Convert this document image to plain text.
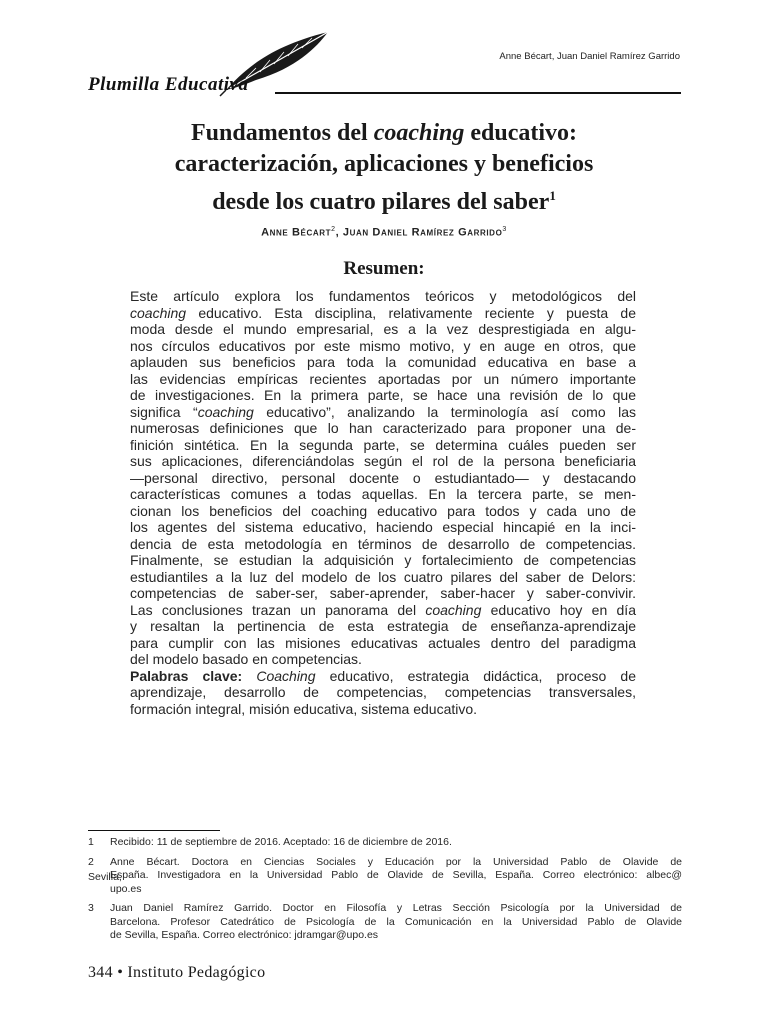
Anne Bécart, Juan Daniel Ramírez Garrido
Plumilla Educativa

Fundamentos del coaching educativo:

caracterización, aplicaciones y beneficios

desde los cuatro pilares del saber$^1$

Anne Bécart$^2$, Juan Daniel Ramírez Garrido$^3$
Resumen:
Este artículo explora los fundamentos teóricos y metodológicos del
coaching educativo. Esta disciplina, relativamente reciente y puesta de
moda desde el mundo empresarial, es a la vez desprestigiada en algu-
nos círculos educativos por este mismo motivo, y en auge en otros, que
aplauden sus beneficios para toda la comunidad educativa en base a
las evidencias empíricas recientes aportadas por un número importante
de investigaciones. En la primera parte, se hace una revisión de lo que
significa “coaching educativo”, analizando la terminología así como las
numerosas definiciones que lo han caracterizado para proponer una de-
finición sintética. En la segunda parte, se determina cuáles pueden ser
sus aplicaciones, diferenciándolas según el rol de la persona beneficiaria
—personal directivo, personal docente o estudiantado— y destacando
características comunes a todas aquellas. En la tercera parte, se men-
cionan los beneficios del coaching educativo para todos y cada uno de
los agentes del sistema educativo, haciendo especial hincapié en la inci-
dencia de esta metodología en términos de desarrollo de competencias.
Finalmente, se estudian la adquisición y fortalecimiento de competencias
estudiantiles a la luz del modelo de los cuatro pilares del saber de Delors:
competencias de saber-ser, saber-aprender, saber-hacer y saber-convivir.
Las conclusiones trazan un panorama del coaching educativo hoy en día
y resaltan la pertinencia de esta estrategia de enseñanza-aprendizaje
para cumplir con las misiones educativas actuales dentro del paradigma
del modelo basado en competencias.
Palabras clave: Coaching educativo, estrategia didáctica, proceso de
aprendizaje, desarrollo de competencias, competencias transversales,
formación integral, misión educativa, sistema educativo.
1 Recibido: 11 de septiembre de 2016. Aceptado: 16 de diciembre de 2016.
2 Anne Bécart. Doctora en Ciencias Sociales y Educación por la Universidad Pablo de Olavide de
España. Investigadora en la Universidad Pablo de Olavide de Sevilla, España. Correo electrónico: albec@
upo.es
3 Juan Daniel Ramírez Garrido. Doctor en Filosofía y Letras Sección Psicología por la Universidad de
Barcelona. Profesor Catedrático de Psicología de la Comunicación en la Universidad Pablo de Olavide
de Sevilla, España. Correo electrónico: jdramgar@upo.es
Sevilla,
344 • Instituto Pedagógico
